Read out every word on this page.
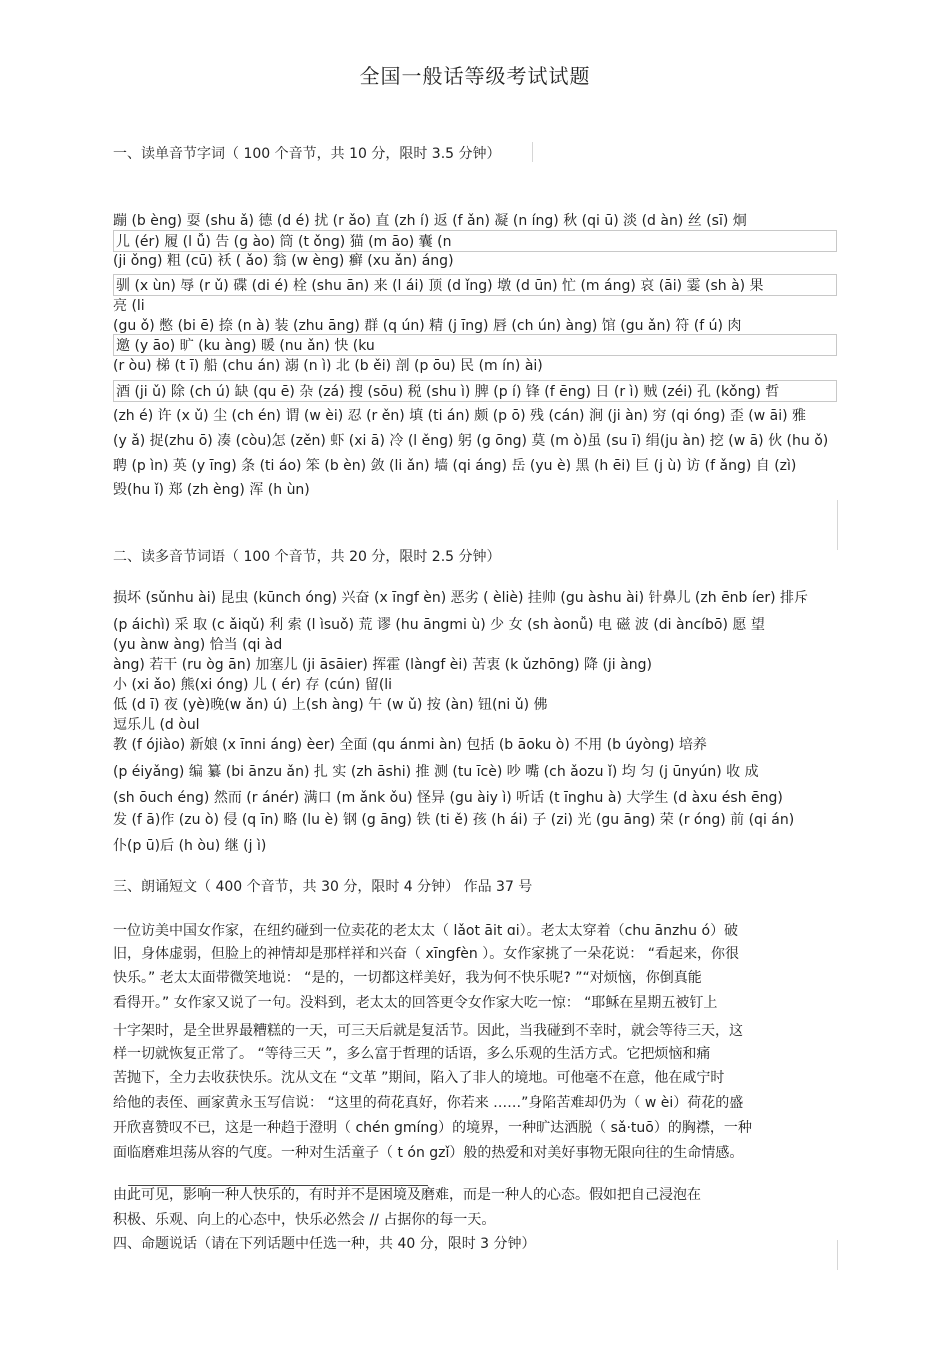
全国一般话等级考试试题
一、读单音节字词（ 100 个音节，共 10 分，限时 3.5 分钟）
蹦 (b èng) 耍 (shu ǎ) 德 (d é) 扰 (r ǎo) 直 (zh í) 返 (f ǎn) 凝 (n íng) 秋 (qi ū) 淡 (d àn) 丝 (sī) 炯
儿 (ér) 履 (l ǚ) 告 (g ào) 筒 (t ǒng) 猫 (m āo) 囊 (n
(ji ǒng) 粗 (cū) 袄 ( ǎo) 翁 (w èng) 癣 (xu ǎn) áng)
驯 (x ùn) 辱 (r ǔ) 碟 (di é) 栓 (shu ān) 来 (l ái) 顶 (d ǐng) 墩 (d ūn) 忙 (m áng) 哀 (āi) 霎 (sh à) 果
亮 (li
(gu ǒ) 憋 (bi ē) 捺 (n à) 装 (zhu āng) 群 (q ún) 精 (j īng) 唇 (ch ún) àng) 馆 (gu ǎn) 符 (f ú) 肉
邀 (y āo) 旷 (ku àng) 暖 (nu ǎn) 快 (ku
(r òu) 梯 (t ī) 船 (chu án) 溺 (n ì) 北 (b ěi) 剖 (p ōu) 民 (m ín) ài)
酒 (ji ǔ) 除 (ch ú) 缺 (qu ē) 杂 (zá) 搜 (sōu) 税 (shu ì) 脾 (p í) 锋 (f ēng) 日 (r ì) 贼 (zéi) 孔 (kǒng) 哲
(zh é) 许 (x ǔ) 尘 (ch én) 谓 (w èi) 忍 (r ěn) 填 (ti án) 颇 (p ō) 残 (cán) 涧 (ji àn) 穷 (qi óng) 歪 (w āi) 雅
(y ǎ) 捉(zhu ō) 凑 (còu)怎 (zěn) 虾 (xi ā) 冷 (l ěng) 躬 (g ōng) 莫 (m ò)虽 (su ī) 绢(ju àn) 挖 (w ā) 伙 (hu ǒ)
聘 (p ìn) 英 (y īng) 条 (ti áo) 笨 (b èn) 敛 (li ǎn) 墙 (qi áng) 岳 (yu è) 黑 (h ēi) 巨 (j ù) 访 (f ǎng) 自 (zì)
毁(hu ǐ) 郑 (zh èng) 浑 (h ùn)
二、读多音节词语（ 100 个音节，共 20 分，限时 2.5 分钟）
损坏 (sǔnhu ài) 昆虫 (kūnch óng) 兴奋 (x īngf èn) 恶劣 ( èliè) 挂帅 (gu àshu ài) 针鼻儿 (zh ēnb íer) 排斥
(p áichì) 采 取 (c ǎiqǔ) 利 索 (l ìsuǒ) 荒 谬 (hu āngmi ù) 少 女 (sh àonǚ) 电 磁 波 (di àncíbō) 愿 望
(yu ànw àng) 恰当 (qi àd
àng) 若干 (ru òg ān) 加塞儿 (ji āsāier) 挥霍 (làngf èi) 苦衷 (k ǔzhōng) 降 (ji àng)
小 (xi ǎo) 熊(xi óng) 儿 ( ér) 存 (cún) 留(li
低 (d ī) 夜 (yè)晚(w ǎn) ú) 上(sh àng) 午 (w ǔ) 按 (àn) 钮(ni ǔ) 佛
逗乐儿 (d òul
教 (f ójiào) 新娘 (x īnni áng) èer) 全面 (qu ánmi àn) 包括 (b āoku ò) 不用 (b úyòng) 培养
(p éiyǎng) 编 纂 (bi ānzu ǎn) 扎 实 (zh āshi) 推 测 (tu īcè) 吵 嘴 (ch ǎozu ǐ) 均 匀 (j ūnyún) 收 成
(sh ōuch éng) 然而 (r ánér) 满口 (m ǎnk ǒu) 怪异 (gu àiy ì) 听话 (t īnghu à) 大学生 (d àxu ésh ēng)
发 (f ā)作 (zu ò) 侵 (q īn) 略 (lu è) 钢 (g āng) 铁 (ti ě) 孩 (h ái) 子 (zi) 光 (gu āng) 荣 (r óng) 前 (qi án)
仆(p ū)后 (h òu) 继 (j ì)
三、朗诵短文（ 400 个音节，共 30 分，限时 4 分钟） 作品 37 号
一位访美中国女作家，在纽约碰到一位卖花的老太太（ lǎot āit ɑi）。老太太穿着（chu ānzhu ó）破
旧，身体虚弱，但脸上的神情却是那样祥和兴奋（ xīngfèn ）。女作家挑了一朵花说： “看起来，你很
快乐。” 老太太面带微笑地说： “是的，一切都这样美好，我为何不快乐呢? ”“对烦恼，你倒真能
看得开。” 女作家又说了一句。没料到，老太太的回答更令女作家大吃一惊： “耶稣在星期五被钉上
十字架时，是全世界最糟糕的一天，可三天后就是复活节。因此，当我碰到不幸时，就会等待三天，这
样一切就恢复正常了。 “等待三天 ”，多么富于哲理的话语，多么乐观的生活方式。它把烦恼和痛
苦抛下，全力去收获快乐。沈从文在 “文革 ”期间，陷入了非人的境地。可他毫不在意，他在咸宁时
给他的表侄、画家黄永玉写信说： “这里的荷花真好，你若来 ……”身陷苦难却仍为（ w èi）荷花的盛
开欣喜赞叹不已，这是一种趋于澄明（ chén gmíng）的境界，一种旷达洒脱（ sǎ·tuō）的胸襟，一种
面临磨难坦荡从容的气度。一种对生活童子（ t ón gzǐ）般的热爱和对美好事物无限向往的生命情感。
由此可见，影响一种人快乐的，有时并不是困境及磨难，而是一种人的心态。假如把自己浸泡在
积极、乐观、向上的心态中，快乐必然会 // 占据你的每一天。
四、命题说话（请在下列话题中任选一种，共 40 分，限时 3 分钟）
